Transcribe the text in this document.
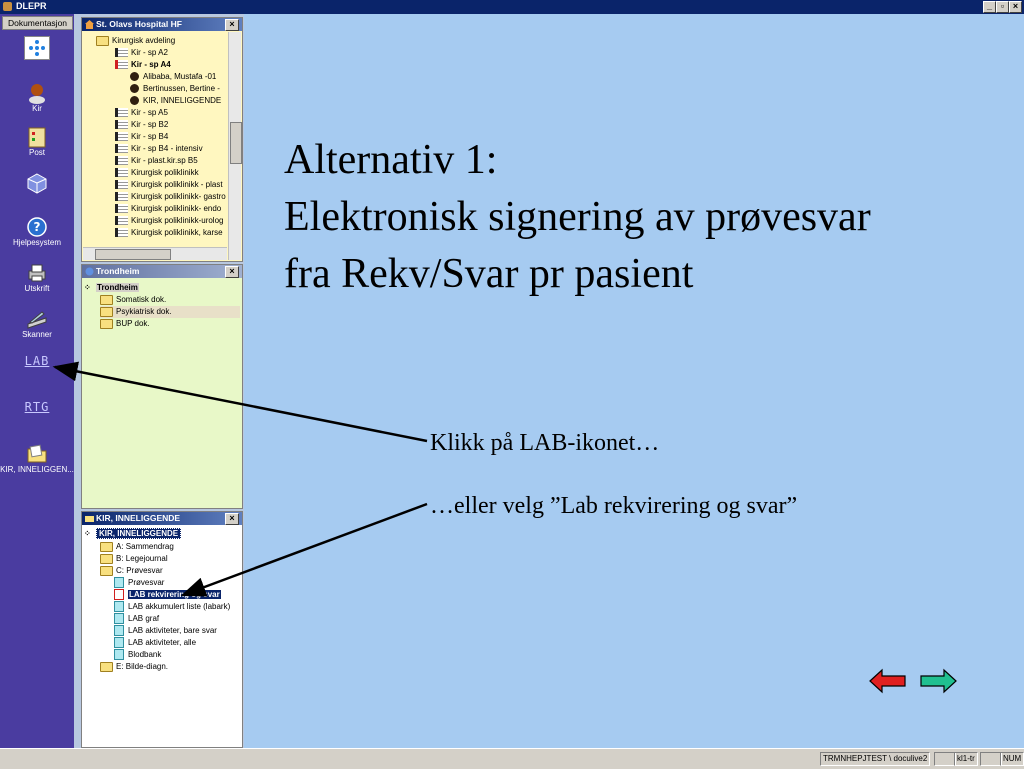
DLEPR	_ ▫ ×
Dokumentasjon
Kir
Post
?
Hjelpesystem
Utskrift
Skanner
LAB
RTG
KIR, INNELIGGEN...
St. Olavs Hospital HF	×
Kirurgisk avdeling
Kir - sp A2
Kir - sp A4
Alibaba, Mustafa -01
Bertinussen, Bertine -
KIR, INNELIGGENDE
Kir - sp A5
Kir - sp B2
Kir - sp B4
Kir - sp B4 - intensiv
Kir - plast.kir.sp B5
Kirurgisk poliklinikk
Kirurgisk poliklinikk - plast
Kirurgisk poliklinikk- gastro
Kirurgisk poliklinikk- endo
Kirurgisk poliklinikk-urolog
Kirurgisk poliklinikk, karse
Trondheim	×
⁘ Trondheim
Somatisk dok.
Psykiatrisk dok.
BUP dok.
KIR, INNELIGGENDE	×
⁘ KIR, INNELIGGENDE
A: Sammendrag
B: Legejournal
C: Prøvesvar
Prøvesvar
LAB rekvirering og svar
LAB akkumulert liste (labark)
LAB graf
LAB aktiviteter, bare svar
LAB aktiviteter, alle
Blodbank
E: Bilde-diagn.
Alternativ 1:
Elektronisk signering av prøvesvar
fra Rekv/Svar pr pasient
Klikk på LAB-ikonet…
…eller velg ”Lab rekvirering og svar”
TRMNHEPJTEST \ doculive2	kl1-tr	NUM
